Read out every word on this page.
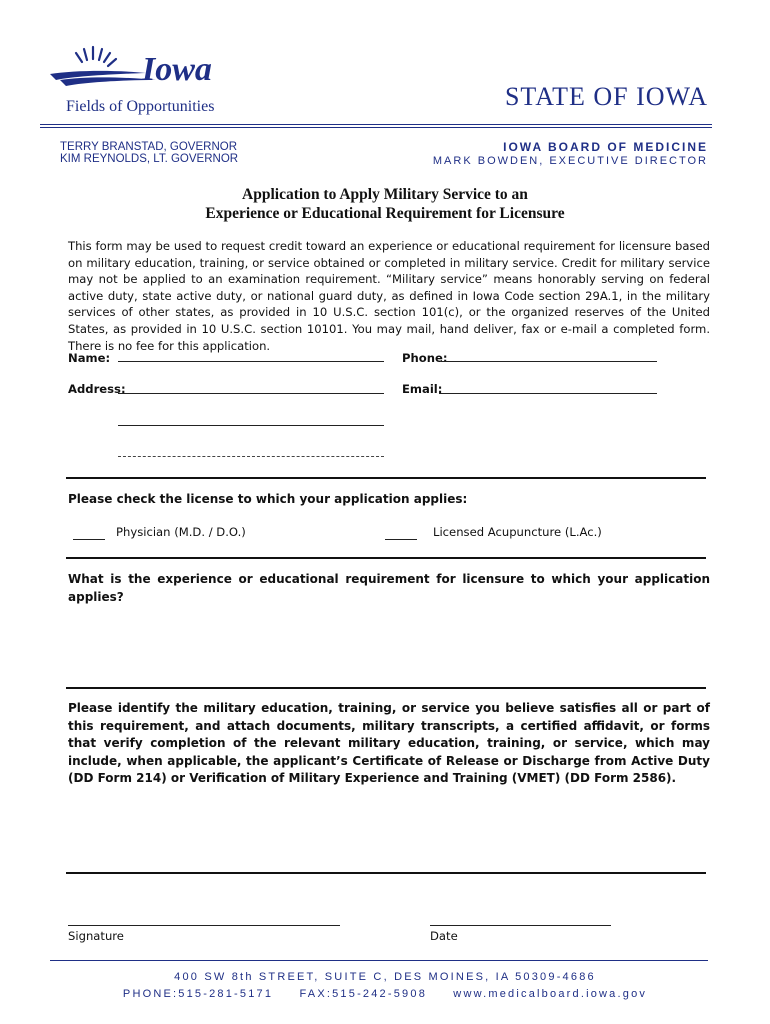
Iowa
Fields of Opportunities	STATE OF IOWA
TERRY BRANSTAD, GOVERNOR
KIM REYNOLDS, LT. GOVERNOR
IOWA BOARD OF MEDICINE
MARK BOWDEN, EXECUTIVE DIRECTOR
Application to Apply Military Service to an
Experience or Educational Requirement for Licensure
This form may be used to request credit toward an experience or educational requirement for licensure based on military education, training, or service obtained or completed in military service. Credit for military service may not be applied to an examination requirement. “Military service” means honorably serving on federal active duty, state active duty, or national guard duty, as defined in Iowa Code section 29A.1, in the military services of other states, as provided in 10 U.S.C. section 101(c), or the organized reserves of the United States, as provided in 10 U.S.C. section 10101. You may mail, hand deliver, fax or e-mail a completed form. There is no fee for this application.
Name:	Phone:
Address:	Email:
Please check the license to which your application applies:
Physician (M.D. / D.O.)	Licensed Acupuncture (L.Ac.)
What is the experience or educational requirement for licensure to which your application applies?
Please identify the military education, training, or service you believe satisfies all or part of this requirement, and attach documents, military transcripts, a certified affidavit, or forms that verify completion of the relevant military education, training, or service, which may include, when applicable, the applicant’s Certificate of Release or Discharge from Active Duty (DD Form 214) or Verification of Military Experience and Training (VMET) (DD Form 2586).
Signature	Date
400 SW 8th STREET, SUITE C, DES MOINES, IA 50309-4686
PHONE:515-281-5171 FAX:515-242-5908 www.medicalboard.iowa.gov
